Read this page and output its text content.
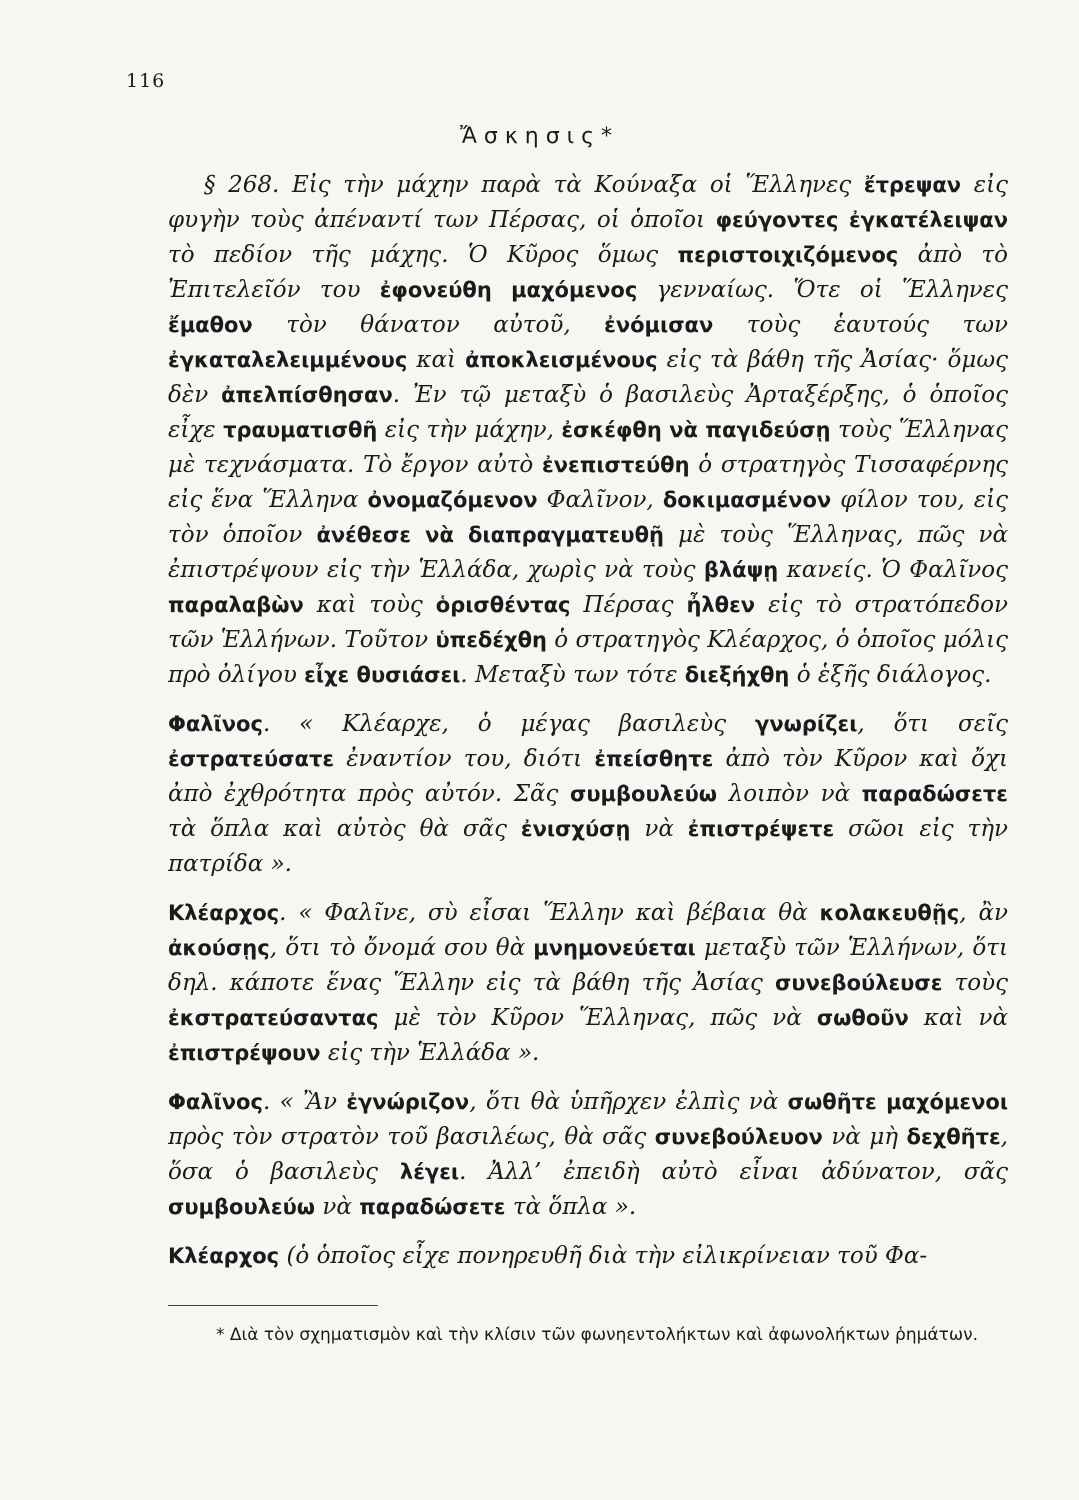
116
Ἄσκησις*

§ 268. Εἰς τὴν μάχην παρὰ τὰ Κούναξα οἱ Ἕλληνες ἔτρεψαν εἰς φυγὴν τοὺς ἀπέναντί των Πέρσας, οἱ ὁποῖοι φεύγοντες ἐγκατέλειψαν τὸ πεδίον τῆς μάχης. Ὁ Κῦρος ὅμως περιστοιχιζόμενος ἀπὸ τὸ Ἐπιτελεῖόν του ἐφονεύθη μαχόμενος γενναίως. Ὅτε οἱ Ἕλληνες ἔμαθον τὸν θάνατον αὐτοῦ, ἐνόμισαν τοὺς ἑαυτούς των ἐγκαταλελειμμένους καὶ ἀποκλεισμένους εἰς τὰ βάθη τῆς Ἀσίας· ὅμως δὲν ἀπελπίσθησαν. Ἐν τῷ μεταξὺ ὁ βασιλεὺς Ἀρταξέρξης, ὁ ὁποῖος εἶχε τραυματισθῆ εἰς τὴν μάχην, ἐσκέφθη νὰ παγιδεύσῃ τοὺς Ἕλληνας μὲ τεχνάσματα. Τὸ ἔργον αὐτὸ ἐνεπιστεύθη ὁ στρατηγὸς Τισσαφέρνης εἰς ἕνα Ἕλληνα ὀνομαζόμενον Φαλῖνον, δοκιμασμένον φίλον του, εἰς τὸν ὁποῖον ἀνέθεσε νὰ διαπραγματευθῇ μὲ τοὺς Ἕλληνας, πῶς νὰ ἐπιστρέψουν εἰς τὴν Ἑλλάδα, χωρὶς νὰ τοὺς βλάψῃ κανείς. Ὁ Φαλῖνος παραλαβὼν καὶ τοὺς ὁρισθέντας Πέρσας ἦλθεν εἰς τὸ στρατόπεδον τῶν Ἑλλήνων. Τοῦτον ὑπεδέχθη ὁ στρατηγὸς Κλέαρχος, ὁ ὁποῖος μόλις πρὸ ὀλίγου εἶχε θυσιάσει. Μεταξὺ των τότε διεξήχθη ὁ ἑξῆς διάλογος.

Φαλῖνος. « Κλέαρχε, ὁ μέγας βασιλεὺς γνωρίζει, ὅτι σεῖς ἐστρατεύσατε ἐναντίον του, διότι ἐπείσθητε ἀπὸ τὸν Κῦρον καὶ ὄχι ἀπὸ ἐχθρότητα πρὸς αὐτόν. Σᾶς συμβουλεύω λοιπὸν νὰ παραδώσετε τὰ ὅπλα καὶ αὐτὸς θὰ σᾶς ἐνισχύσῃ νὰ ἐπιστρέψετε σῶοι εἰς τὴν πατρίδα ».

Κλέαρχος. « Φαλῖνε, σὺ εἶσαι Ἕλλην καὶ βέβαια θὰ κολακευθῇς, ἂν ἀκούσῃς, ὅτι τὸ ὄνομά σου θὰ μνημονεύεται μεταξὺ τῶν Ἑλλήνων, ὅτι δηλ. κάποτε ἕνας Ἕλλην εἰς τὰ βάθη τῆς Ἀσίας συνεβούλευσε τοὺς ἐκστρατεύσαντας μὲ τὸν Κῦρον Ἕλληνας, πῶς νὰ σωθοῦν καὶ νὰ ἐπιστρέψουν εἰς τὴν Ἑλλάδα ».

Φαλῖνος. « Ἂν ἐγνώριζον, ὅτι θὰ ὑπῆρχεν ἐλπὶς νὰ σωθῆτε μαχόμενοι πρὸς τὸν στρατὸν τοῦ βασιλέως, θὰ σᾶς συνεβούλευον νὰ μὴ δεχθῆτε, ὅσα ὁ βασιλεὺς λέγει. Ἀλλ’ ἐπειδὴ αὐτὸ εἶναι ἀδύνατον, σᾶς συμβουλεύω νὰ παραδώσετε τὰ ὅπλα ».

Κλέαρχος (ὁ ὁποῖος εἶχε πονηρευθῆ διὰ τὴν εἰλικρίνειαν τοῦ Φα-

* Διὰ τὸν σχηματισμὸν καὶ τὴν κλίσιν τῶν φωνηεντολήκτων καὶ ἀφωνολήκτων ῥημάτων.
